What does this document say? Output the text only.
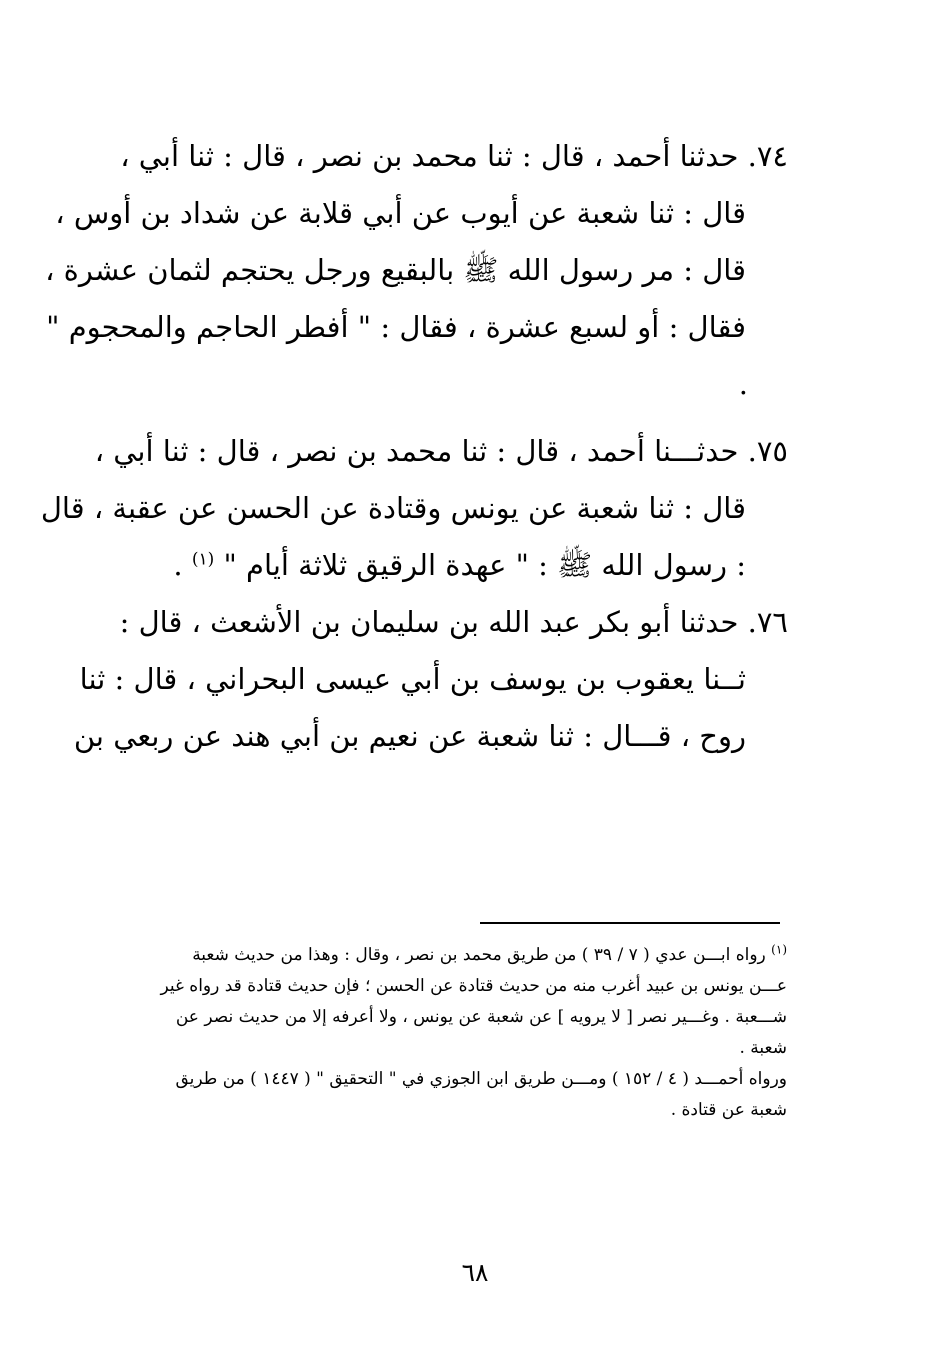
٧٤. حدثنا أحمد ، قال : ثنا محمد بن نصر ، قال : ثنا أبي ،
قال : ثنا شعبة عن أيوب عن أبي قلابة عن شداد بن أوس ،
قال : مر رسول الله ﷺ بالبقيع ورجل يحتجم لثمان عشرة ،
فقال : أو لسبع عشرة ، فقال : " أفطر الحاجم والمحجوم "
.
٧٥. حدثـــنا أحمد ، قال : ثنا محمد بن نصر ، قال : ثنا أبي ،
قال : ثنا شعبة عن يونس وقتادة عن الحسن عن عقبة ، قال
: رسول الله ﷺ : " عهدة الرقيق ثلاثة أيام " $^{(١)}$ .
٧٦. حدثنا أبو بكر عبد الله بن سليمان بن الأشعث ، قال :
ثــنا يعقوب بن يوسف بن أبي عيسى البحراني ، قال : ثنا
روح ، قـــال : ثنا شعبة عن نعيم بن أبي هند عن ربعي بن

$^{(١)}$ رواه ابـــن عدي ( ٧ / ٣٩ ) من طريق محمد بن نصر ، وقال : وهذا من حديث شعبة
عـــن يونس بن عبيد أغرب منه من حديث قتادة عن الحسن ؛ فإن حديث قتادة قد رواه غير
شـــعبة . وغـــير نصر [ لا يرويه ] عن شعبة عن يونس ، ولا أعرفه إلا من حديث نصر عن
شعبة .

ورواه أحمـــد ( ٤ / ١٥٢ ) ومـــن طريق ابن الجوزي في " التحقيق " ( ١٤٤٧ ) من طريق
شعبة عن قتادة .

٦٨
